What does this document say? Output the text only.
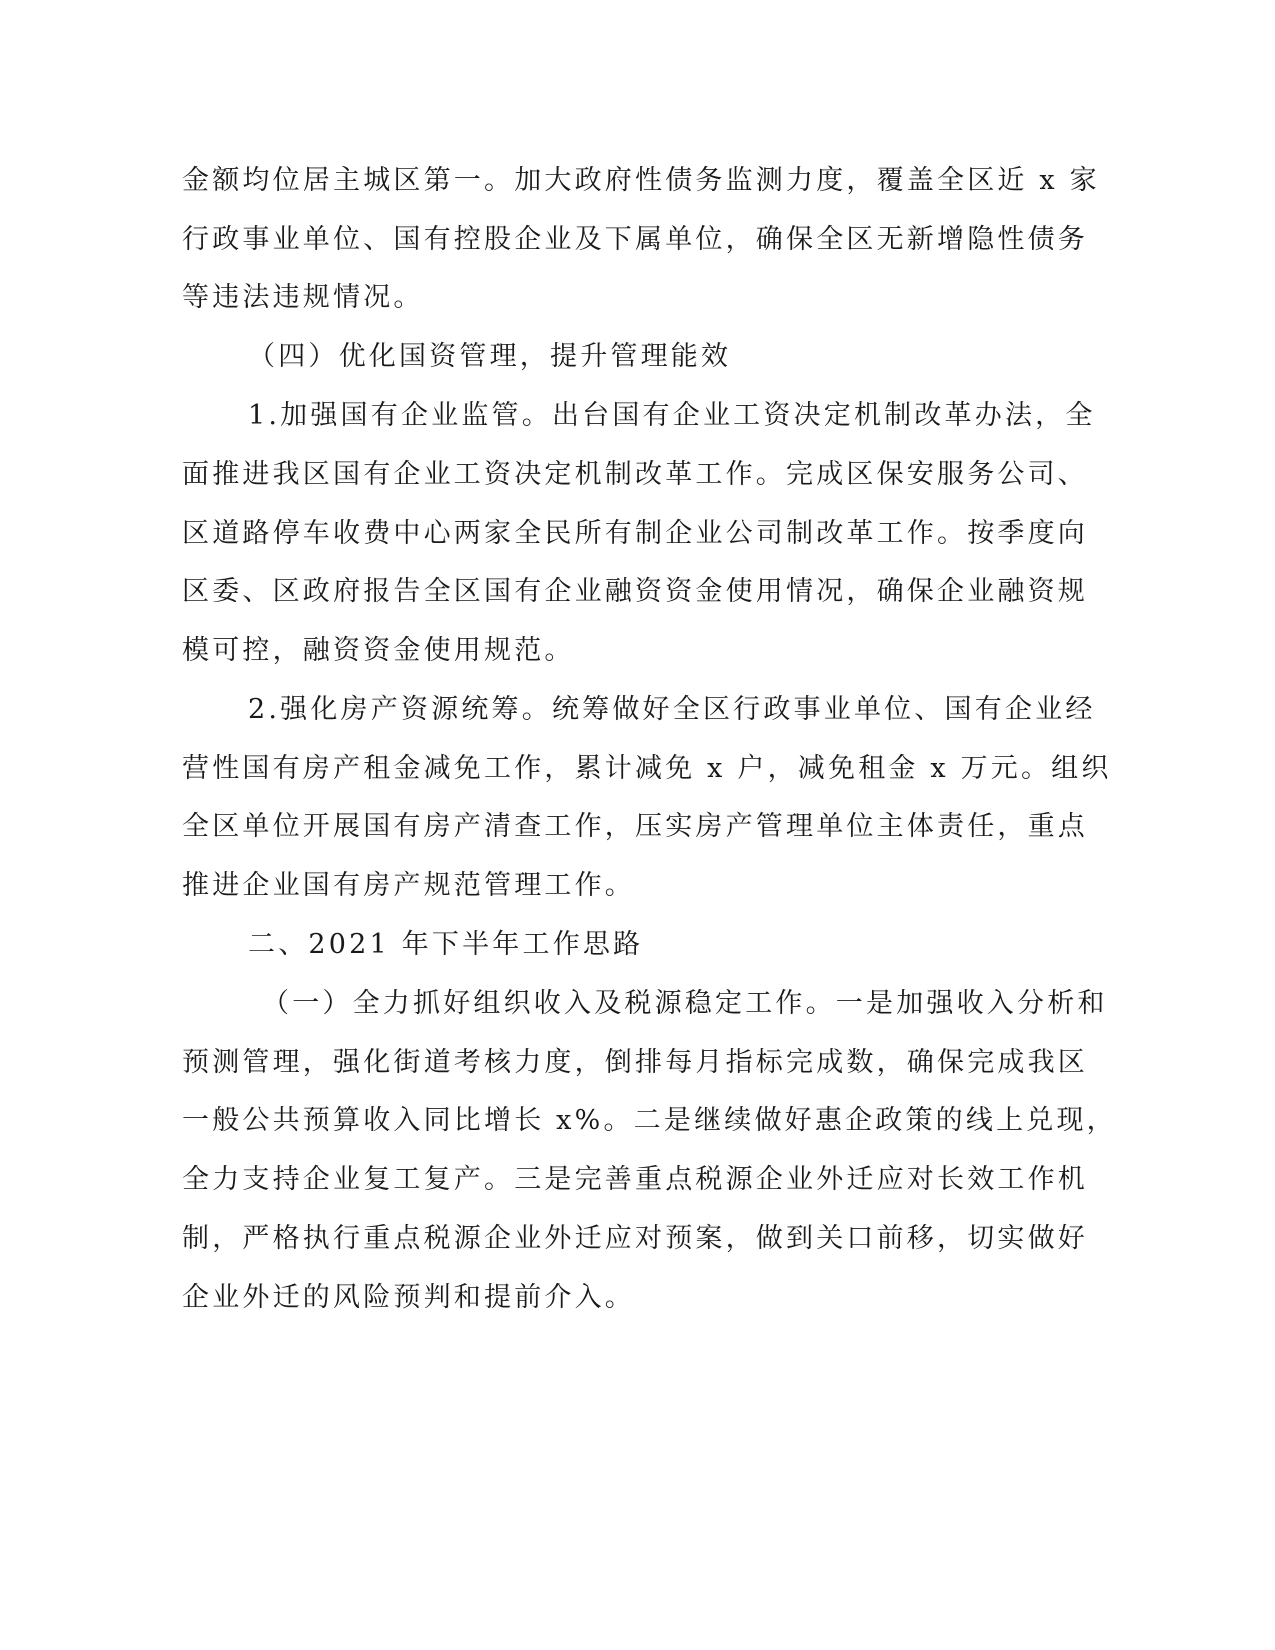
金额均位居主城区第一。加大政府性债务监测力度，覆盖全区近 x 家
行政事业单位、国有控股企业及下属单位，确保全区无新增隐性债务
等违法违规情况。
（四）优化国资管理，提升管理能效
1.加强国有企业监管。出台国有企业工资决定机制改革办法，全
面推进我区国有企业工资决定机制改革工作。完成区保安服务公司、
区道路停车收费中心两家全民所有制企业公司制改革工作。按季度向
区委、区政府报告全区国有企业融资资金使用情况，确保企业融资规
模可控，融资资金使用规范。
2.强化房产资源统筹。统筹做好全区行政事业单位、国有企业经
营性国有房产租金减免工作，累计减免 x 户，减免租金 x 万元。组织
全区单位开展国有房产清查工作，压实房产管理单位主体责任，重点
推进企业国有房产规范管理工作。
二、2021 年下半年工作思路
（一）全力抓好组织收入及税源稳定工作。一是加强收入分析和
预测管理，强化街道考核力度，倒排每月指标完成数，确保完成我区
一般公共预算收入同比增长 x%。二是继续做好惠企政策的线上兑现，
全力支持企业复工复产。三是完善重点税源企业外迁应对长效工作机
制，严格执行重点税源企业外迁应对预案，做到关口前移，切实做好
企业外迁的风险预判和提前介入。
